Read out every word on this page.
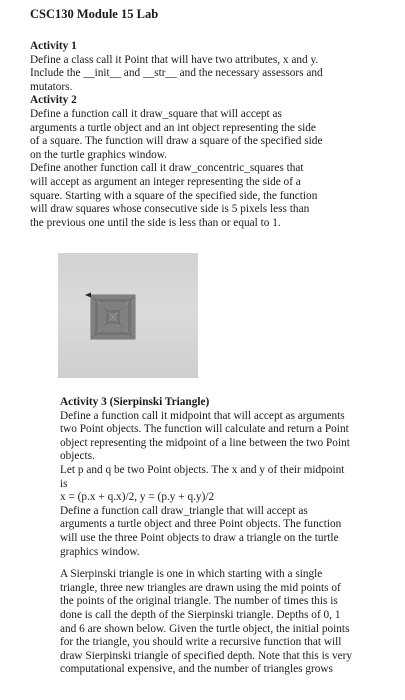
CSC130 Module 15 Lab
Activity 1

Define a class call it Point that will have two attributes, x and y.

Include the __init__ and __str__ and the necessary assessors and

mutators.

Activity 2

Define a function call it draw_square that will accept as

arguments a turtle object and an int object representing the side

of a square. The function will draw a square of the specified side

on the turtle graphics window.

Define another function call it draw_concentric_squares that

will accept as argument an integer representing the side of a

square. Starting with a square of the specified side, the function

will draw squares whose consecutive side is 5 pixels less than

the previous one until the side is less than or equal to 1.

Activity 3 (Sierpinski Triangle)

Define a function call it midpoint that will accept as arguments

two Point objects. The function will calculate and return a Point

object representing the midpoint of a line between the two Point

objects.

Let p and q be two Point objects. The x and y of their midpoint

is

x = (p.x + q.x)/2, y = (p.y + q.y)/2

Define a function call draw_triangle that will accept as

arguments a turtle object and three Point objects. The function

will use the three Point objects to draw a triangle on the turtle

graphics window.

A Sierpinski triangle is one in which starting with a single

triangle, three new triangles are drawn using the mid points of

the points of the original triangle. The number of times this is

done is call the depth of the Sierpinski triangle. Depths of 0, 1

and 6 are shown below. Given the turtle object, the initial points

for the triangle, you should write a recursive function that will

draw Sierpinski triangle of specified depth. Note that this is very

computational expensive, and the number of triangles grows
